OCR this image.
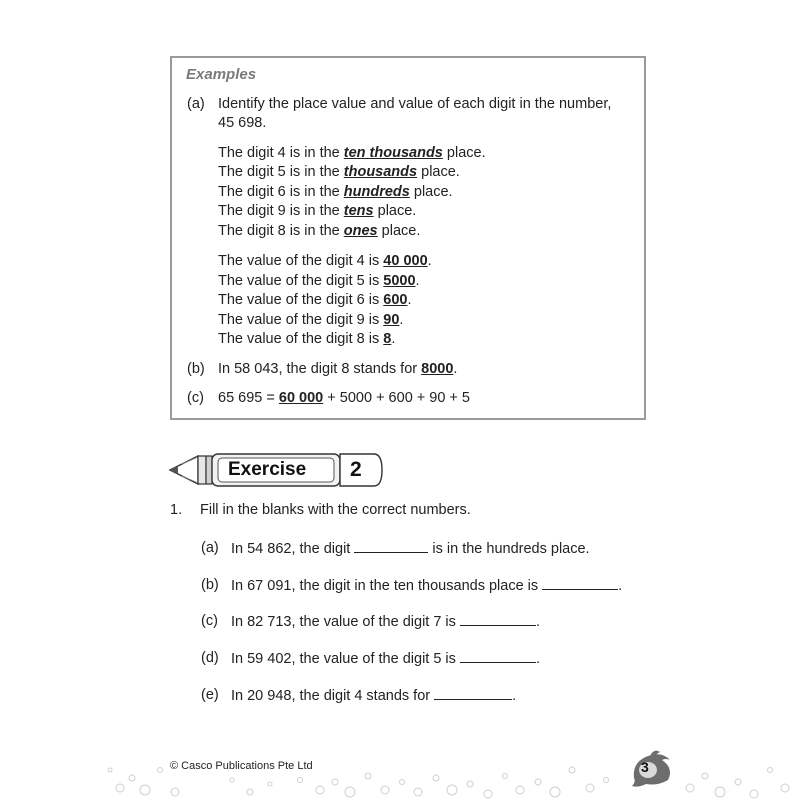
Examples
(a) Identify the place value and value of each digit in the number,
45 698.
The digit 4 is in the ten thousands place.
The digit 5 is in the thousands place.
The digit 6 is in the hundreds place.
The digit 9 is in the tens place.
The digit 8 is in the ones place.
The value of the digit 4 is 40 000.
The value of the digit 5 is 5000.
The value of the digit 6 is 600.
The value of the digit 9 is 90.
The value of the digit 8 is 8.
(b) In 58 043, the digit 8 stands for 8000.
(c) 65 695 = 60 000 + 5000 + 600 + 90 + 5
Exercise 2
1. Fill in the blanks with the correct numbers.
(a) In 54 862, the digit	is in the hundreds place.
(b) In 67 091, the digit in the ten thousands place is	.
(c) In 82 713, the value of the digit 7 is	.
(d) In 59 402, the value of the digit 5 is	.
(e) In 20 948, the digit 4 stands for	.
© Casco Publications Pte Ltd	3
